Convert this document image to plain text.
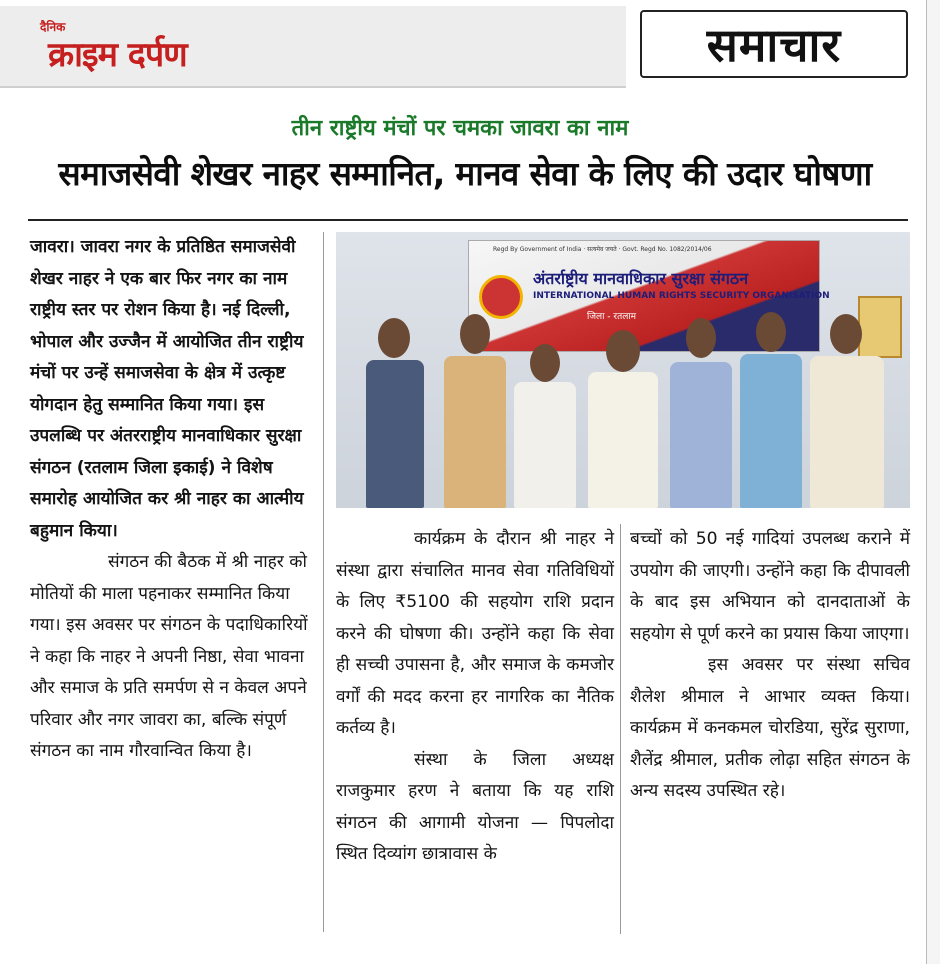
दैनिक
क्राइम दर्पण	समाचार
तीन राष्ट्रीय मंचों पर चमका जावरा का नाम
समाजसेवी शेखर नाहर सम्मानित, मानव सेवा के लिए की उदार घोषणा

जावरा। जावरा नगर के प्रतिष्ठित समाजसेवी शेखर नाहर ने एक बार फिर नगर का नाम राष्ट्रीय स्तर पर रोशन किया है। नई दिल्ली, भोपाल और उज्जैन में आयोजित तीन राष्ट्रीय मंचों पर उन्हें समाजसेवा के क्षेत्र में उत्कृष्ट योगदान हेतु सम्मानित किया गया। इस उपलब्धि पर अंतरराष्ट्रीय मानवाधिकार सुरक्षा संगठन (रतलाम जिला इकाई) ने विशेष समारोह आयोजित कर श्री नाहर का आत्मीय बहुमान किया।

संगठन की बैठक में श्री नाहर को मोतियों की माला पहनाकर सम्मानित किया गया। इस अवसर पर संगठन के पदाधिकारियों ने कहा कि नाहर ने अपनी निष्ठा, सेवा भावना और समाज के प्रति समर्पण से न केवल अपने परिवार और नगर जावरा का, बल्कि संपूर्ण संगठन का नाम गौरवान्वित किया है।

Regd By Government of India · सत्यमेव जयते · Govt. Regd No. 1082/2014/06
अंतर्राष्ट्रीय मानवाधिकार सुरक्षा संगठन
INTERNATIONAL HUMAN RIGHTS SECURITY ORGANISATION
जिला - रतलाम

कार्यक्रम के दौरान श्री नाहर ने संस्था द्वारा संचालित मानव सेवा गतिविधियों के लिए ₹5100 की सहयोग राशि प्रदान करने की घोषणा की। उन्होंने कहा कि सेवा ही सच्ची उपासना है, और समाज के कमजोर वर्गों की मदद करना हर नागरिक का नैतिक कर्तव्य है।

संस्था के जिला अध्यक्ष राजकुमार हरण ने बताया कि यह राशि संगठन की आगामी योजना — पिपलोदा स्थित दिव्यांग छात्रावास के

बच्चों को 50 नई गादियां उपलब्ध कराने में उपयोग की जाएगी। उन्होंने कहा कि दीपावली के बाद इस अभियान को दानदाताओं के सहयोग से पूर्ण करने का प्रयास किया जाएगा।

इस अवसर पर संस्था सचिव शैलेश श्रीमाल ने आभार व्यक्त किया। कार्यक्रम में कनकमल चोरडिया, सुरेंद्र सुराणा, शैलेंद्र श्रीमाल, प्रतीक लोढ़ा सहित संगठन के अन्य सदस्य उपस्थित रहे।
